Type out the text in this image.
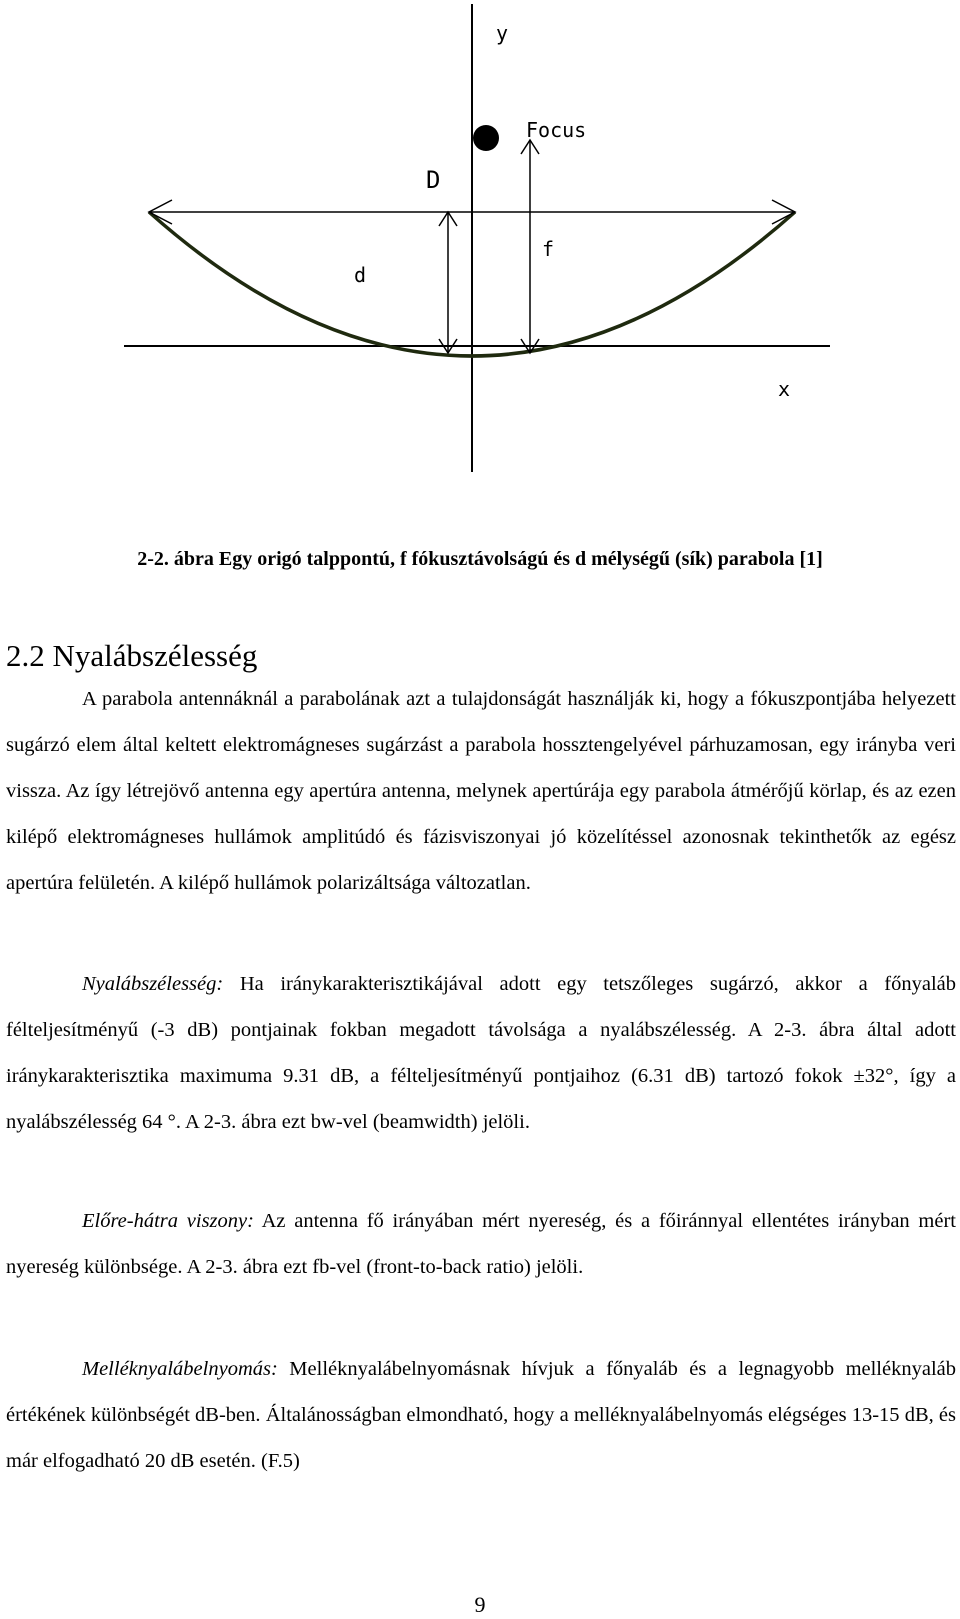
y
x
Focus
D
d
f
2-2. ábra Egy origó talppontú, f fókusztávolságú és d mélységű (sík) parabola [1]
2.2 Nyalábszélesség

A parabola antennáknál a parabolának azt a tulajdonságát használják ki, hogy a fókuszpontjába helyezett sugárzó elem által keltett elektromágneses sugárzást a parabola hossztengelyével párhuzamosan, egy irányba veri vissza. Az így létrejövő antenna egy apertúra antenna, melynek apertúrája egy parabola átmérőjű körlap, és az ezen kilépő elektromágneses hullámok amplitúdó és fázisviszonyai jó közelítéssel azonosnak tekinthetők az egész apertúra felületén. A kilépő hullámok polarizáltsága változatlan.

Nyalábszélesség: Ha iránykarakterisztikájával adott egy tetszőleges sugárzó, akkor a főnyaláb félteljesítményű (-3 dB) pontjainak fokban megadott távolsága a nyalábszélesség. A 2-3. ábra által adott iránykarakterisztika maximuma 9.31 dB, a félteljesítményű pontjaihoz (6.31 dB) tartozó fokok ±32°, így a nyalábszélesség 64 °. A 2-3. ábra ezt bw-vel (beamwidth) jelöli.

Előre-hátra viszony: Az antenna fő irányában mért nyereség, és a főiránnyal ellentétes irányban mért nyereség különbsége. A 2-3. ábra ezt fb-vel (front-to-back ratio) jelöli.

Melléknyalábelnyomás: Melléknyalábelnyomásnak hívjuk a főnyaláb és a legnagyobb melléknyaláb értékének különbségét dB-ben. Általánosságban elmondható, hogy a melléknyalábelnyomás elégséges 13-15 dB, és már elfogadható 20 dB esetén. (F.5)

9
